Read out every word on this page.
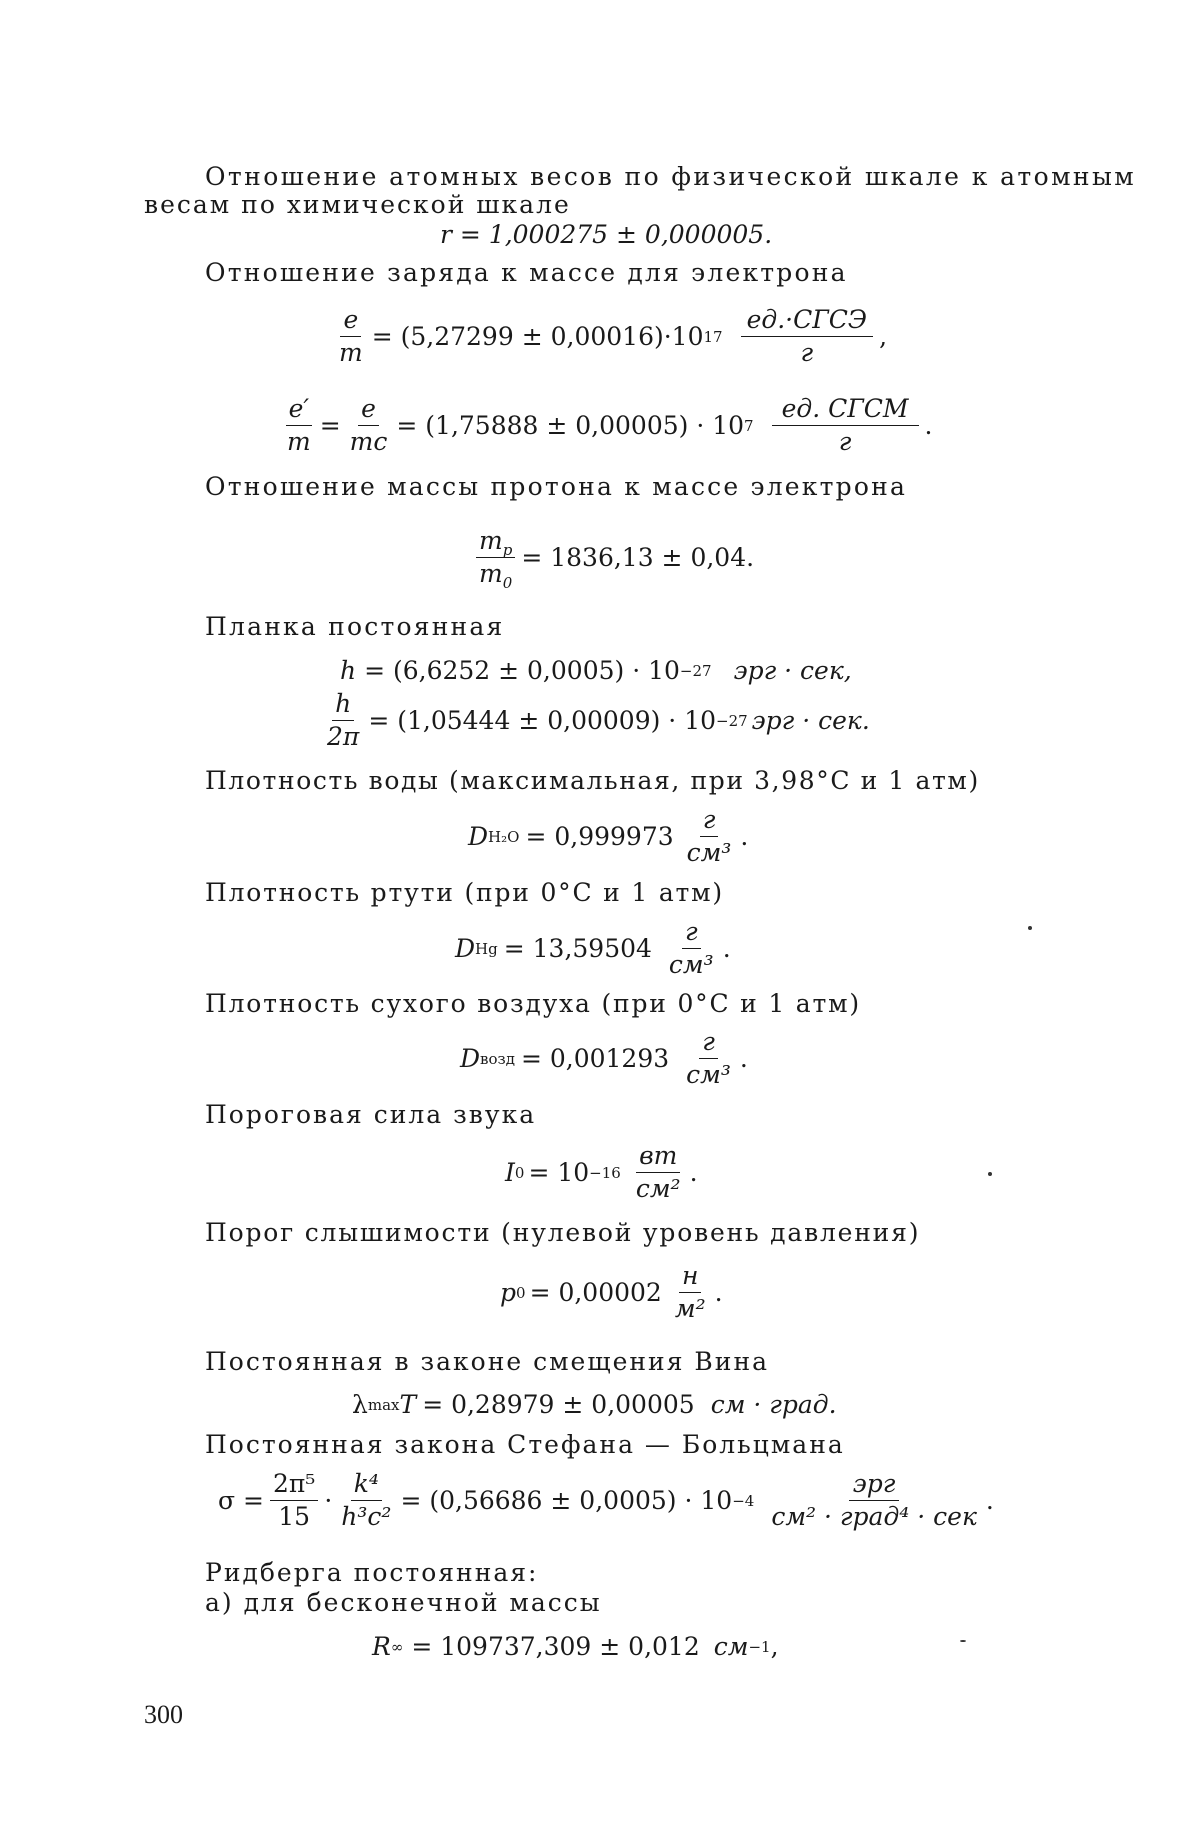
Отношение атомных весов по физической шкале к атомным
весам по химической шкале
r = 1,000275 ± 0,000005.
Отношение заряда к массе для электрона
$\frac{e}{m} = (5,27299 \pm 0,00016)\cdot 10$ $17 \frac{\text{ед.·СГСЭ}}{г}$ ,
$\frac{e'}{m} = \frac{e}{mc} = (1,75888 \pm 0,00005) \cdot 10$ $7 \frac{\text{ед. СГСМ}}{г}$ .
Отношение массы протона к массе электрона
$\frac{m_p}{m_0} = 1836,13 \pm 0,04$.
Планка постоянная
h
= (6,6252 ± 0,0005) · 10 −27 эрг · сек,
$\frac{h}{2\pi} = (1,05444 \pm 0,00009) \cdot 10 -27$ эрг · сек.
Плотность воды (максимальная, при 3,98°C и 1 атм)
D $H_2O = 0,999973 \frac{г}{\text{см³}}$ .
Плотность ртути (при 0°C и 1 атм)
D $Hg = 13,59504 \frac{г}{\text{см³}}$ .
Плотность сухого воздуха (при 0°C и 1 атм)
D возд = $0,001293 \frac{г}{\text{см³}}$ .
Пороговая сила звука
I $0 = 10 -16 \frac{вт}{\text{см²}}$ .
Порог слышимости (нулевой уровень давления)
p $0 = 0,00002 \frac{н}{\text{м²}}$ .
Постоянная в законе смещения Вина
λ max T = 0,28979 ± 0,00005 см · град.
Постоянная закона Стефана — Больцмана
$\sigma = \frac{\text{2π⁵}}{15} \cdot \frac{\text{k⁴}}{\text{h³c²}} = (0,56686 \pm 0,0005) \cdot 10 -4 \frac{\text{эрг}}{\text{см² · град⁴ · сек}}$ .
Ридберга постоянная:
а) для бесконечной массы
R ∞ = 109737,309 ± 0,012 см −1 ,
300
